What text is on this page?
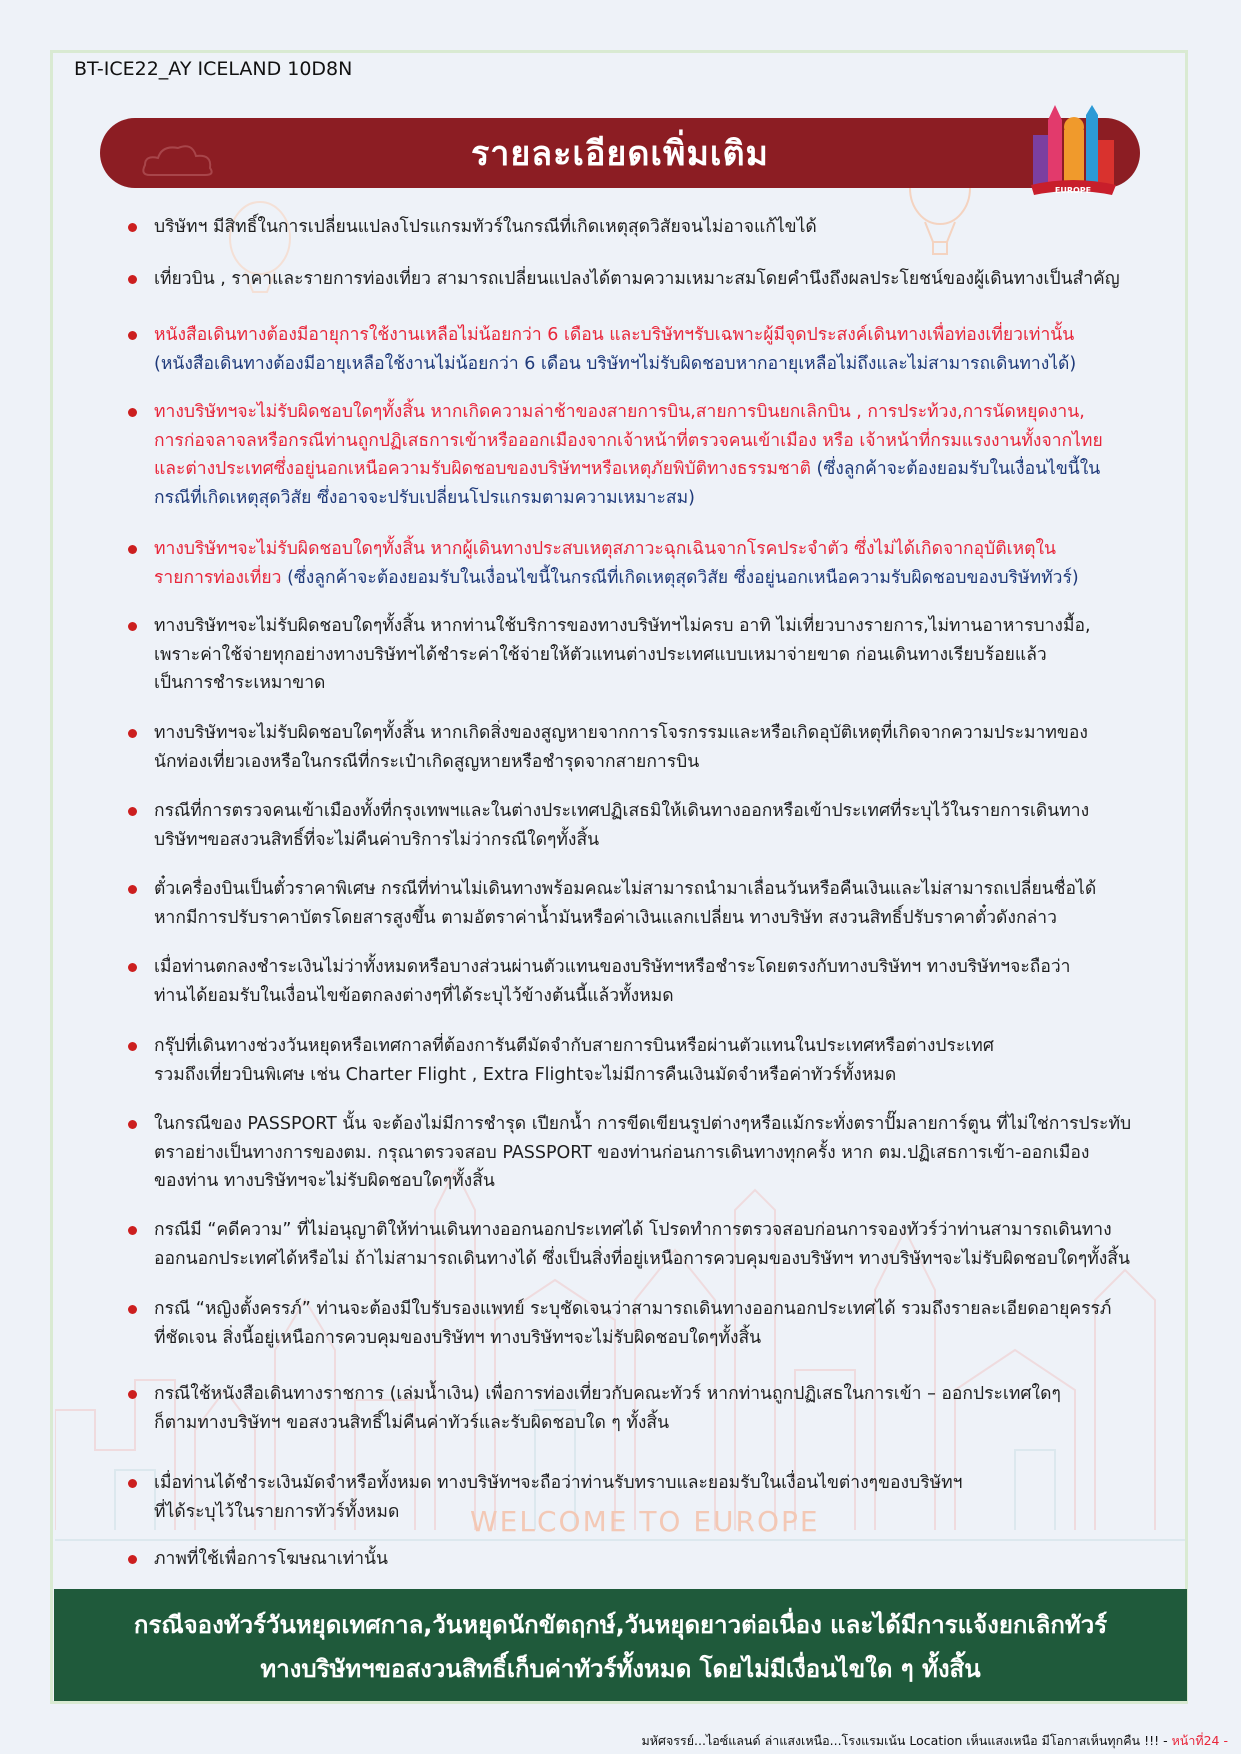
WELCOME TO EUROPE
BT-ICE22_AY ICELAND 10D8N
รายละเอียดเพิ่มเติม
EUROPE
บริษัทฯ มีสิทธิ์ในการเปลี่ยนแปลงโปรแกรมทัวร์ในกรณีที่เกิดเหตุสุดวิสัยจนไม่อาจแก้ไขได้
เที่ยวบิน , ราคาและรายการท่องเที่ยว สามารถเปลี่ยนแปลงได้ตามความเหมาะสมโดยคำนึงถึงผลประโยชน์ของผู้เดินทางเป็นสำคัญ
หนังสือเดินทางต้องมีอายุการใช้งานเหลือไม่น้อยกว่า 6 เดือน และบริษัทฯรับเฉพาะผู้มีจุดประสงค์เดินทางเพื่อท่องเที่ยวเท่านั้น
(หนังสือเดินทางต้องมีอายุเหลือใช้งานไม่น้อยกว่า 6 เดือน บริษัทฯไม่รับผิดชอบหากอายุเหลือไม่ถึงและไม่สามารถเดินทางได้)
ทางบริษัทฯจะไม่รับผิดชอบใดๆทั้งสิ้น หากเกิดความล่าช้าของสายการบิน,สายการบินยกเลิกบิน , การประท้วง,การนัดหยุดงาน,
การก่อจลาจลหรือกรณีท่านถูกปฏิเสธการเข้าหรือออกเมืองจากเจ้าหน้าที่ตรวจคนเข้าเมือง หรือ เจ้าหน้าที่กรมแรงงานทั้งจากไทย
และต่างประเทศซึ่งอยู่นอกเหนือความรับผิดชอบของบริษัทฯหรือเหตุภัยพิบัติทางธรรมชาติ (ซึ่งลูกค้าจะต้องยอมรับในเงื่อนไขนี้ใน
กรณีที่เกิดเหตุสุดวิสัย ซึ่งอาจจะปรับเปลี่ยนโปรแกรมตามความเหมาะสม)
ทางบริษัทฯจะไม่รับผิดชอบใดๆทั้งสิ้น หากผู้เดินทางประสบเหตุสภาวะฉุกเฉินจากโรคประจำตัว ซึ่งไม่ได้เกิดจากอุบัติเหตุใน
รายการท่องเที่ยว (ซึ่งลูกค้าจะต้องยอมรับในเงื่อนไขนี้ในกรณีที่เกิดเหตุสุดวิสัย ซึ่งอยู่นอกเหนือความรับผิดชอบของบริษัททัวร์)
ทางบริษัทฯจะไม่รับผิดชอบใดๆทั้งสิ้น หากท่านใช้บริการของทางบริษัทฯไม่ครบ อาทิ ไม่เที่ยวบางรายการ,ไม่ทานอาหารบางมื้อ,
เพราะค่าใช้จ่ายทุกอย่างทางบริษัทฯได้ชำระค่าใช้จ่ายให้ตัวแทนต่างประเทศแบบเหมาจ่ายขาด ก่อนเดินทางเรียบร้อยแล้ว
เป็นการชำระเหมาขาด
ทางบริษัทฯจะไม่รับผิดชอบใดๆทั้งสิ้น หากเกิดสิ่งของสูญหายจากการโจรกรรมและหรือเกิดอุบัติเหตุที่เกิดจากความประมาทของ
นักท่องเที่ยวเองหรือในกรณีที่กระเป๋าเกิดสูญหายหรือชำรุดจากสายการบิน
กรณีที่การตรวจคนเข้าเมืองทั้งที่กรุงเทพฯและในต่างประเทศปฏิเสธมิให้เดินทางออกหรือเข้าประเทศที่ระบุไว้ในรายการเดินทาง
บริษัทฯขอสงวนสิทธิ์ที่จะไม่คืนค่าบริการไม่ว่ากรณีใดๆทั้งสิ้น
ตั๋วเครื่องบินเป็นตั๋วราคาพิเศษ กรณีที่ท่านไม่เดินทางพร้อมคณะไม่สามารถนำมาเลื่อนวันหรือคืนเงินและไม่สามารถเปลี่ยนชื่อได้
หากมีการปรับราคาบัตรโดยสารสูงขึ้น ตามอัตราค่าน้ำมันหรือค่าเงินแลกเปลี่ยน ทางบริษัท สงวนสิทธิ์ปรับราคาตั๋วดังกล่าว
เมื่อท่านตกลงชำระเงินไม่ว่าทั้งหมดหรือบางส่วนผ่านตัวแทนของบริษัทฯหรือชำระโดยตรงกับทางบริษัทฯ ทางบริษัทฯจะถือว่า
ท่านได้ยอมรับในเงื่อนไขข้อตกลงต่างๆที่ได้ระบุไว้ข้างต้นนี้แล้วทั้งหมด
กรุ๊ปที่เดินทางช่วงวันหยุดหรือเทศกาลที่ต้องการันตีมัดจำกับสายการบินหรือผ่านตัวแทนในประเทศหรือต่างประเทศ
รวมถึงเที่ยวบินพิเศษ เช่น Charter Flight , Extra Flightจะไม่มีการคืนเงินมัดจำหรือค่าทัวร์ทั้งหมด
ในกรณีของ PASSPORT นั้น จะต้องไม่มีการชำรุด เปียกน้ำ การขีดเขียนรูปต่างๆหรือแม้กระทั่งตราปั๊มลายการ์ตูน ที่ไม่ใช่การประทับ
ตราอย่างเป็นทางการของตม. กรุณาตรวจสอบ PASSPORT ของท่านก่อนการเดินทางทุกครั้ง หาก ตม.ปฏิเสธการเข้า-ออกเมือง
ของท่าน ทางบริษัทฯจะไม่รับผิดชอบใดๆทั้งสิ้น
กรณีมี “คดีความ” ที่ไม่อนุญาติให้ท่านเดินทางออกนอกประเทศได้ โปรดทำการตรวจสอบก่อนการจองทัวร์ว่าท่านสามารถเดินทาง
ออกนอกประเทศได้หรือไม่ ถ้าไม่สามารถเดินทางได้ ซึ่งเป็นสิ่งที่อยู่เหนือการควบคุมของบริษัทฯ ทางบริษัทฯจะไม่รับผิดชอบใดๆทั้งสิ้น
กรณี “หญิงตั้งครรภ์” ท่านจะต้องมีใบรับรองแพทย์ ระบุชัดเจนว่าสามารถเดินทางออกนอกประเทศได้ รวมถึงรายละเอียดอายุครรภ์
ที่ชัดเจน สิ่งนี้อยู่เหนือการควบคุมของบริษัทฯ ทางบริษัทฯจะไม่รับผิดชอบใดๆทั้งสิ้น
กรณีใช้หนังสือเดินทางราชการ (เล่มน้ำเงิน) เพื่อการท่องเที่ยวกับคณะทัวร์ หากท่านถูกปฏิเสธในการเข้า – ออกประเทศใดๆ
ก็ตามทางบริษัทฯ ขอสงวนสิทธิ์ไม่คืนค่าทัวร์และรับผิดชอบใด ๆ ทั้งสิ้น
เมื่อท่านได้ชำระเงินมัดจำหรือทั้งหมด ทางบริษัทฯจะถือว่าท่านรับทราบและยอมรับในเงื่อนไขต่างๆของบริษัทฯ
ที่ได้ระบุไว้ในรายการทัวร์ทั้งหมด
ภาพที่ใช้เพื่อการโฆษณาเท่านั้น
กรณีจองทัวร์วันหยุดเทศกาล,วันหยุดนักขัตฤกษ์,วันหยุดยาวต่อเนื่อง และได้มีการแจ้งยกเลิกทัวร์
ทางบริษัทฯขอสงวนสิทธิ์เก็บค่าทัวร์ทั้งหมด โดยไม่มีเงื่อนไขใด ๆ ทั้งสิ้น
มหัศจรรย์...ไอซ์แลนด์ ล่าแสงเหนือ...โรงแรมเน้น Location เห็นแสงเหนือ มีโอกาสเห็นทุกคืน !!! - หน้าที่24 -
